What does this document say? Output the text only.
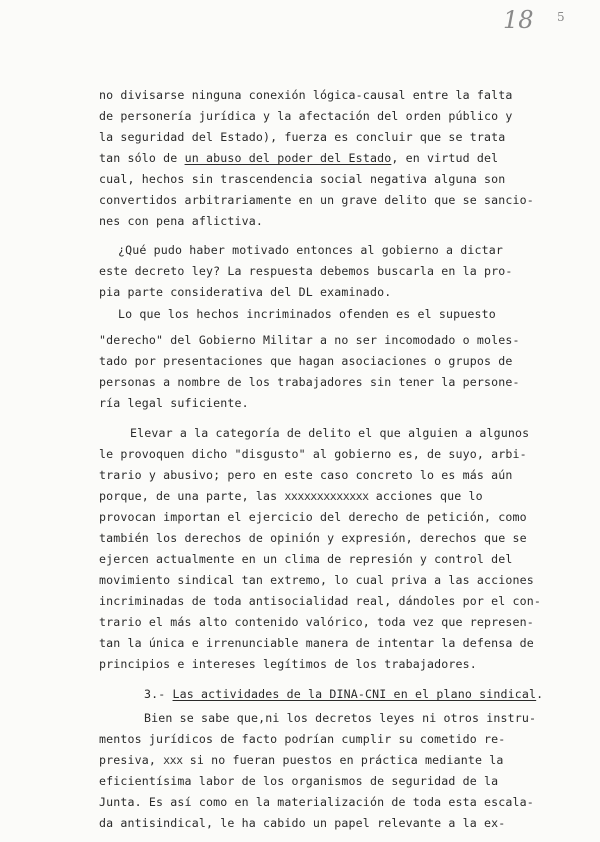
18 5
no divisarse ninguna conexión lógica-causal entre la falta
de personería jurídica y la afectación del orden público y
la seguridad del Estado), fuerza es concluir que se trata
tan sólo de un abuso del poder del Estado, en virtud del
cual, hechos sin trascendencia social negativa alguna son
convertidos arbitrariamente en un grave delito que se sancio-
nes con pena aflictiva.
¿Qué pudo haber motivado entonces al gobierno a dictar
este decreto ley? La respuesta debemos buscarla en la pro-
pia parte considerativa del DL examinado.
Lo que los hechos incriminados ofenden es el supuesto
"derecho" del Gobierno Militar a no ser incomodado o moles-
tado por presentaciones que hagan asociaciones o grupos de
personas a nombre de los trabajadores sin tener la persone-
ría legal suficiente.
Elevar a la categoría de delito el que alguien a algunos
le provoquen dicho "disgusto" al gobierno es, de suyo, arbi-
trario y abusivo; pero en este caso concreto lo es más aún
porque, de una parte, las xxxxxxxxxxxxx acciones que lo
provocan importan el ejercicio del derecho de petición, como
también los derechos de opinión y expresión, derechos que se
ejercen actualmente en un clima de represión y control del
movimiento sindical tan extremo, lo cual priva a las acciones
incriminadas de toda antisocialidad real, dándoles por el con-
trario el más alto contenido valórico, toda vez que represen-
tan la única e irrenunciable manera de intentar la defensa de
principios e intereses legítimos de los trabajadores.
3.- Las actividades de la DINA-CNI en el plano sindical.
Bien se sabe que,ni los decretos leyes ni otros instru-
mentos jurídicos de facto podrían cumplir su cometido re-
presiva, xxx si no fueran puestos en práctica mediante la
eficientísima labor de los organismos de seguridad de la
Junta. Es así como en la materialización de toda esta escala-
da antisindical, le ha cabido un papel relevante a la ex-
